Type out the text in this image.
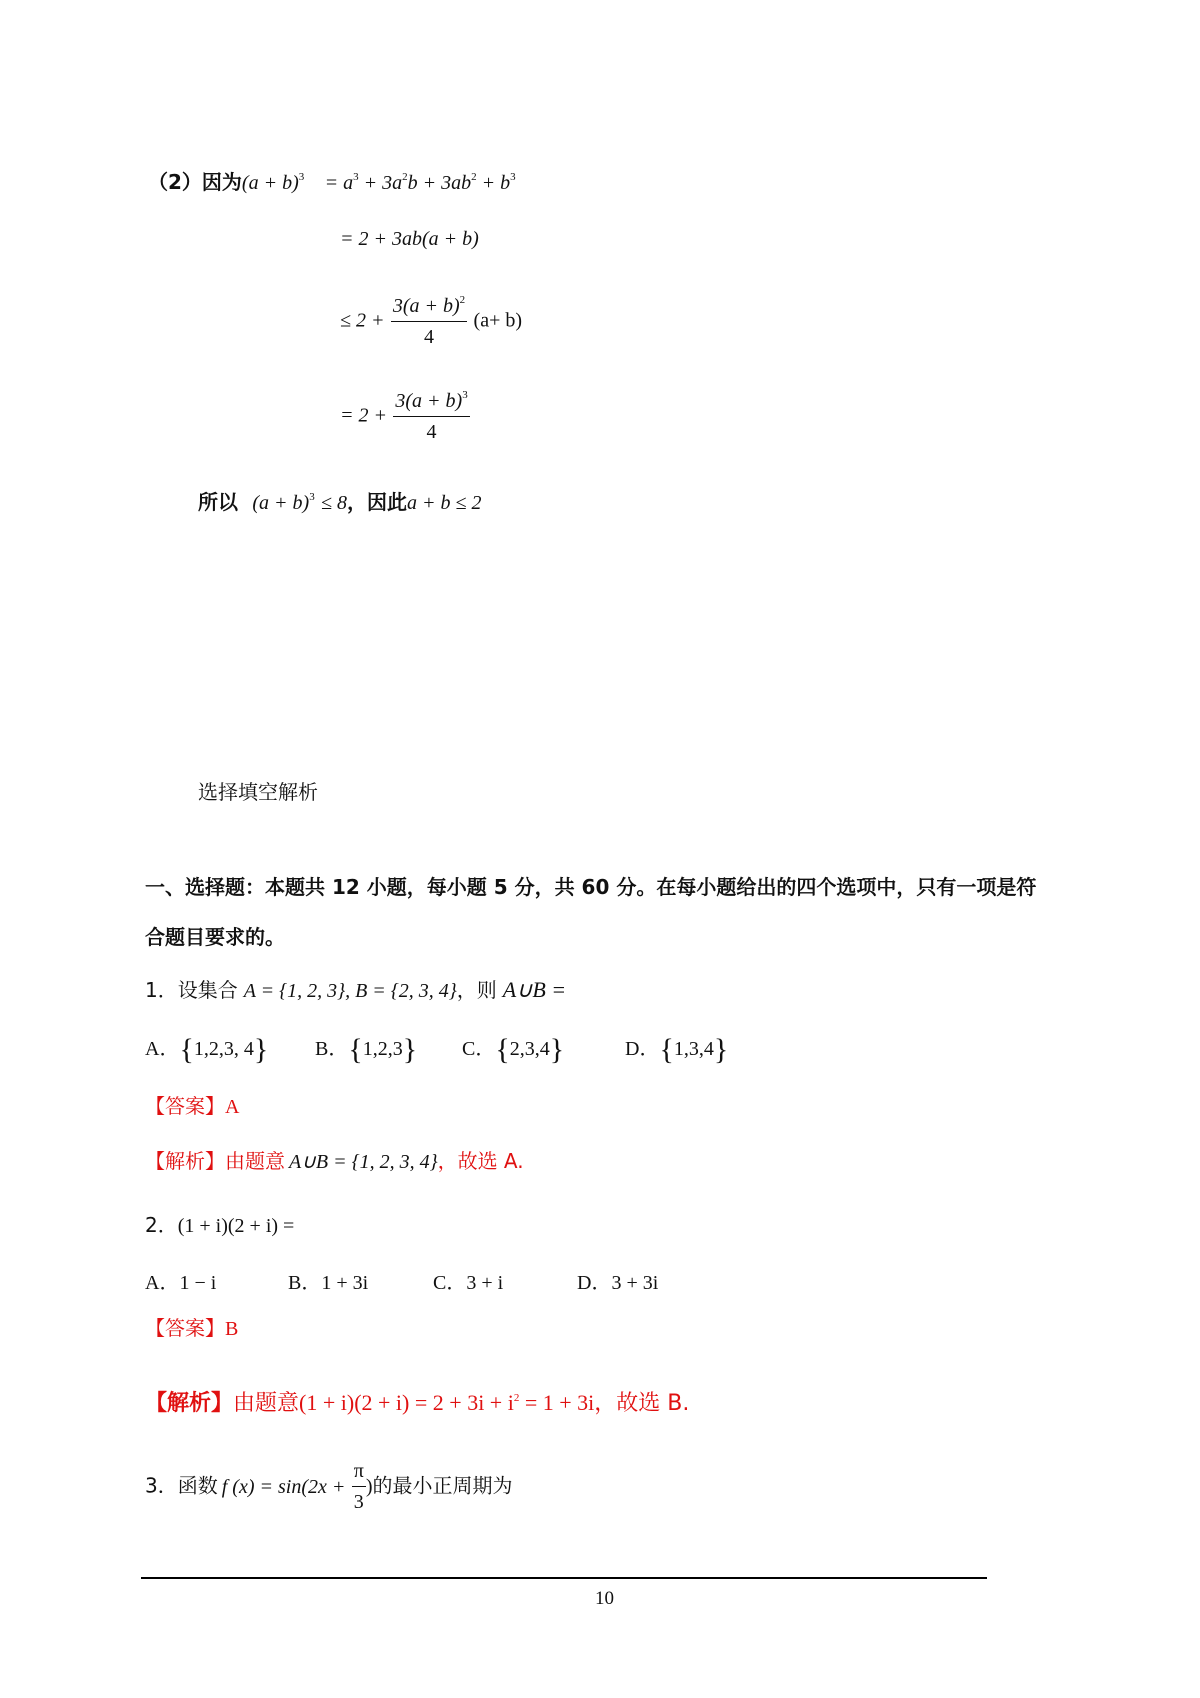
（2）因为$(a + b)^3 = a^3 + 3a^2b + 3ab^2 + b^3$
= 2 + 3ab(a + b)
≤ $2 + \frac{3(a + b)^2}{4} (a+ b)$
= $2 + \frac{3(a + b)^3}{4}$
所以 $(a + b)^3 \le 8$，因此a + b ≤ 2
选择填空解析
一、选择题：本题共 12 小题，每小题 5 分，共 60 分。在每小题给出的四个选项中，只有一项是符
合题目要求的。
1．设集合 A = {1, 2, 3}, B = {2, 3, 4}，则 A∪B =
A．{1,2,3, 4} B．{1,2,3} C．{2,3,4}	D．{1,3,4}
【答案】A
【解析】由题意 A∪B = {1, 2, 3, 4}，故选 A.
2．(1 + i)(2 + i) =
A．1 − i	B．1 + 3i	C．3 + i	D．3 + 3i
【答案】B
【解析】由题意$(1 + i)(2 + i) = 2 + 3i + i^2 = 1 + 3i$，故选 B.
3．函数 f $(x) = \sin(2x + \frac{\pi}{3}$ )的最小正周期为
10
